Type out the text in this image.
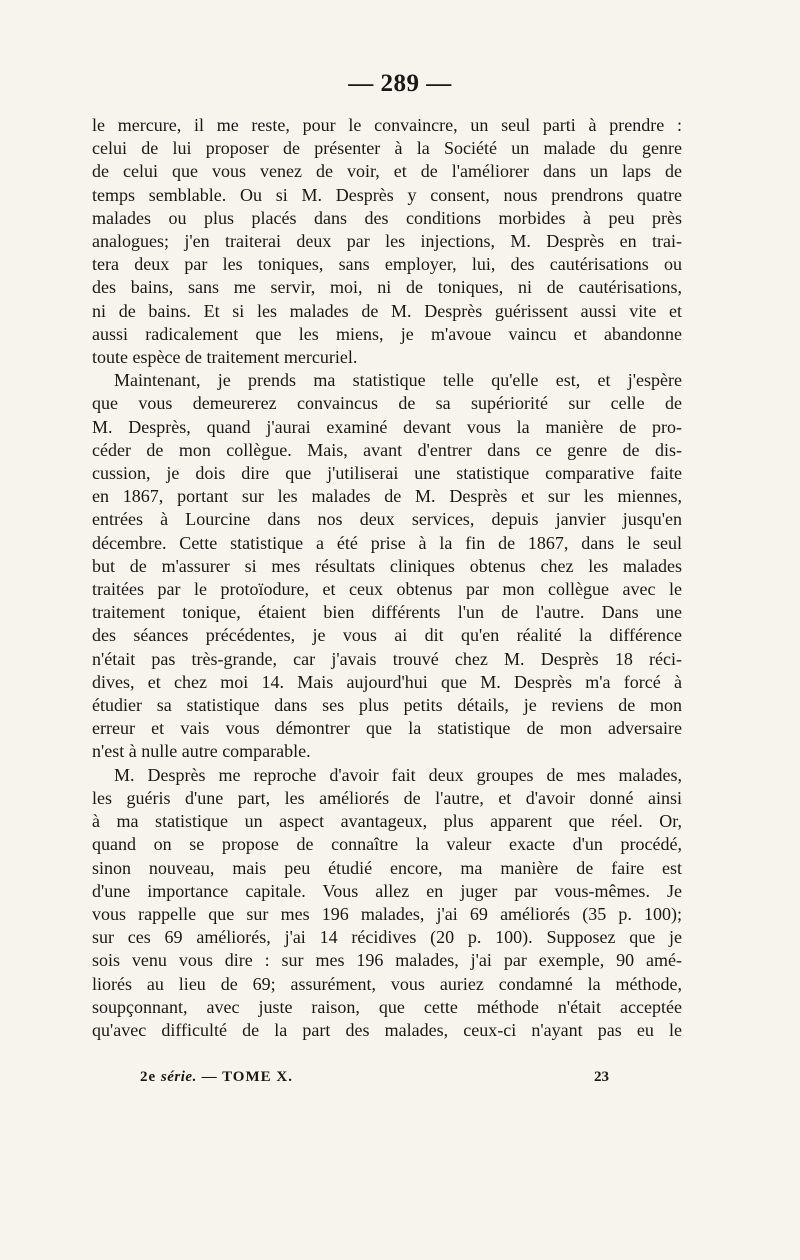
— 289 —

le mercure, il me reste, pour le convaincre, un seul parti à prendre :
celui de lui proposer de présenter à la Société un malade du genre
de celui que vous venez de voir, et de l'améliorer dans un laps de
temps semblable. Ou si M. Desprès y consent, nous prendrons quatre
malades ou plus placés dans des conditions morbides à peu près
analogues; j'en traiterai deux par les injections, M. Desprès en trai-
tera deux par les toniques, sans employer, lui, des cautérisations ou
des bains, sans me servir, moi, ni de toniques, ni de cautérisations,
ni de bains. Et si les malades de M. Desprès guérissent aussi vite et
aussi radicalement que les miens, je m'avoue vaincu et abandonne
toute espèce de traitement mercuriel.

Maintenant, je prends ma statistique telle qu'elle est, et j'espère
que vous demeurerez convaincus de sa supériorité sur celle de
M. Desprès, quand j'aurai examiné devant vous la manière de pro-
céder de mon collègue. Mais, avant d'entrer dans ce genre de dis-
cussion, je dois dire que j'utiliserai une statistique comparative faite
en 1867, portant sur les malades de M. Desprès et sur les miennes,
entrées à Lourcine dans nos deux services, depuis janvier jusqu'en
décembre. Cette statistique a été prise à la fin de 1867, dans le seul
but de m'assurer si mes résultats cliniques obtenus chez les malades
traitées par le protoïodure, et ceux obtenus par mon collègue avec le
traitement tonique, étaient bien différents l'un de l'autre. Dans une
des séances précédentes, je vous ai dit qu'en réalité la différence
n'était pas très-grande, car j'avais trouvé chez M. Desprès 18 réci-
dives, et chez moi 14. Mais aujourd'hui que M. Desprès m'a forcé à
étudier sa statistique dans ses plus petits détails, je reviens de mon
erreur et vais vous démontrer que la statistique de mon adversaire
n'est à nulle autre comparable.

M. Desprès me reproche d'avoir fait deux groupes de mes malades,
les guéris d'une part, les améliorés de l'autre, et d'avoir donné ainsi
à ma statistique un aspect avantageux, plus apparent que réel. Or,
quand on se propose de connaître la valeur exacte d'un procédé,
sinon nouveau, mais peu étudié encore, ma manière de faire est
d'une importance capitale. Vous allez en juger par vous-mêmes. Je
vous rappelle que sur mes 196 malades, j'ai 69 améliorés (35 p. 100);
sur ces 69 améliorés, j'ai 14 récidives (20 p. 100). Supposez que je
sois venu vous dire : sur mes 196 malades, j'ai par exemple, 90 amé-
liorés au lieu de 69; assurément, vous auriez condamné la méthode,
soupçonnant, avec juste raison, que cette méthode n'était acceptée
qu'avec difficulté de la part des malades, ceux-ci n'ayant pas eu le

2e série. — TOME X.	23
